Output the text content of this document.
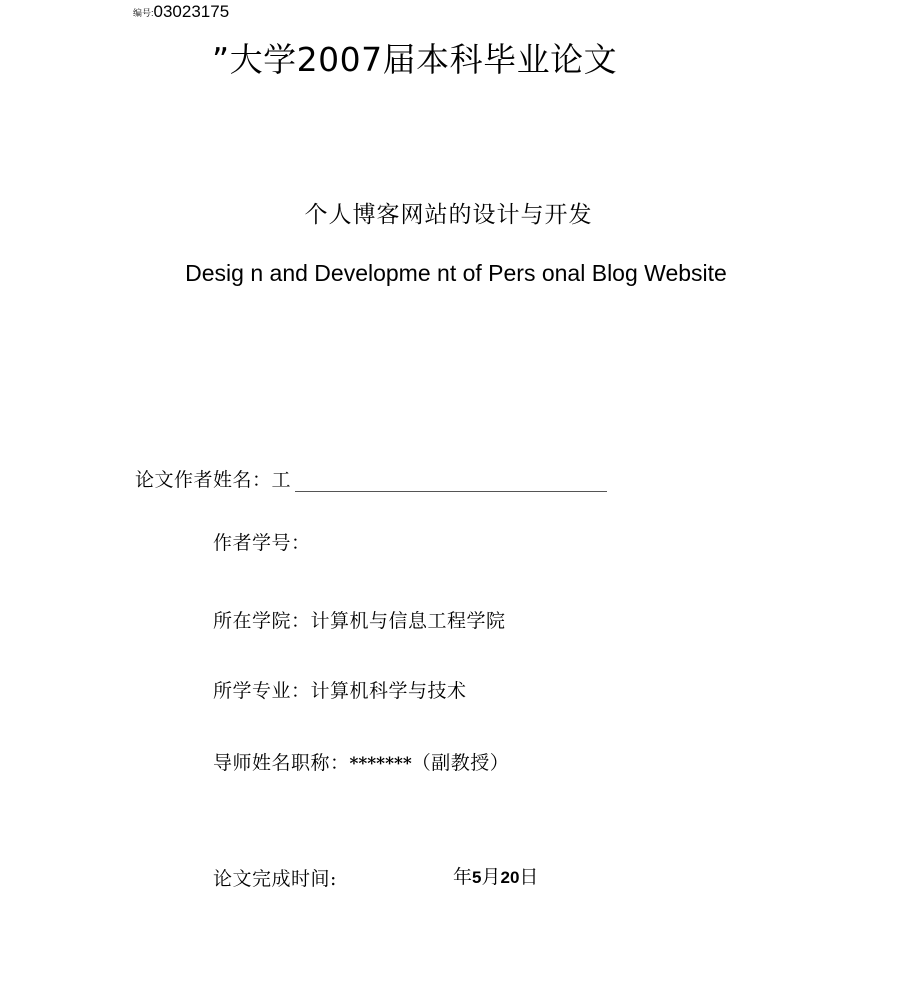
编号:03023175
”大学2007届本科毕业论文
个人博客网站的设计与开发
Desig n and Developme nt of Pers onal Blog Website
论文作者姓名：工
作者学号：
所在学院：计算机与信息工程学院
所学专业：计算机科学与技术
导师姓名职称：*******（副教授）
论文完成时间:	年5月20日
